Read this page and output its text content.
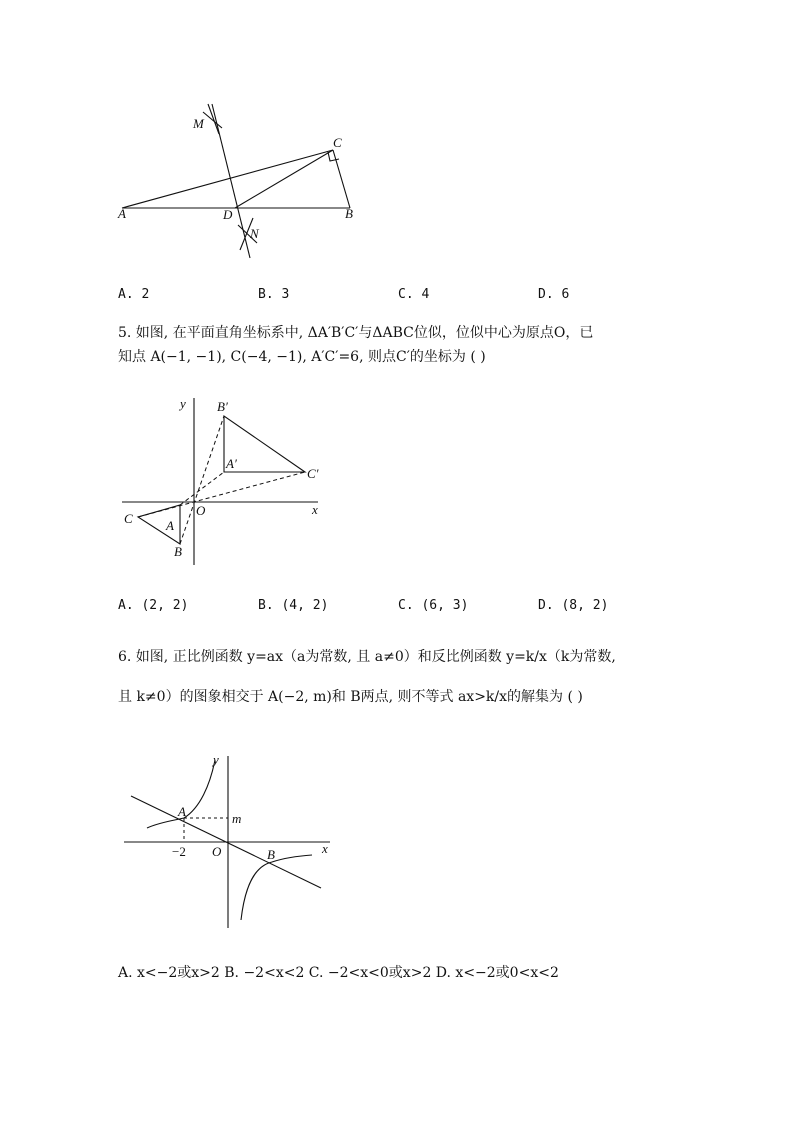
M
C
A	D	B
N
A. 2	B. 3	C. 4	D. 6
5. 如图, 在平面直角坐标系中, ΔA′B′C′与ΔABC位似，位似中心为原点O，已
知点 A(−1, −1), C(−4, −1), A′C′=6, 则点C′的坐标为 ( )
y
x
O
B′
A′
C′
A
B
C
A. (2, 2)	B. (4, 2)	C. (6, 3)	D. (8, 2)
6. 如图, 正比例函数 y=ax（a为常数, 且 a≠0）和反比例函数 y=k/x（k为常数,
且 k≠0）的图象相交于 A(−2, m)和 B两点, 则不等式 ax>k/x的解集为 ( )
y
x
O
A
B
m
−2
A. x<−2或x>2 B. −2<x<2 C. −2<x<0或x>2 D. x<−2或0<x<2
